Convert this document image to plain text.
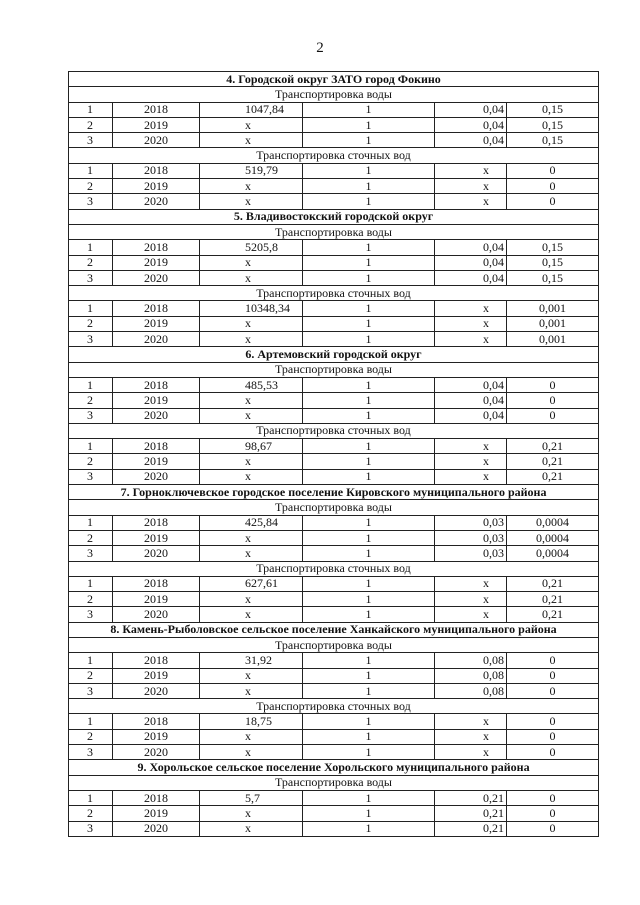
2
4. Городской округ ЗАТО город Фокино					
Транспортировка воды					
1	2018	1047,84	1	0,04	0,15
2	2019	x	1	0,04	0,15
3	2020	x	1	0,04	0,15
Транспортировка сточных вод					
1	2018	519,79	1	x	0
2	2019	x	1	x	0
3	2020	x	1	x	0
5. Владивостокский городской округ					
Транспортировка воды					
1	2018	5205,8	1	0,04	0,15
2	2019	x	1	0,04	0,15
3	2020	x	1	0,04	0,15
Транспортировка сточных вод					
1	2018	10348,34	1	x	0,001
2	2019	x	1	x	0,001
3	2020	x	1	x	0,001
6. Артемовский городской округ					
Транспортировка воды					
1	2018	485,53	1	0,04	0
2	2019	x	1	0,04	0
3	2020	x	1	0,04	0
Транспортировка сточных вод					
1	2018	98,67	1	x	0,21
2	2019	x	1	x	0,21
3	2020	x	1	x	0,21
7. Горноключевское городское поселение Кировского муниципального района					
Транспортировка воды					
1	2018	425,84	1	0,03	0,0004
2	2019	x	1	0,03	0,0004
3	2020	x	1	0,03	0,0004
Транспортировка сточных вод					
1	2018	627,61	1	x	0,21
2	2019	x	1	x	0,21
3	2020	x	1	x	0,21
8. Камень-Рыболовское сельское поселение Ханкайского муниципального района					
Транспортировка воды					
1	2018	31,92	1	0,08	0
2	2019	x	1	0,08	0
3	2020	x	1	0,08	0
Транспортировка сточных вод					
1	2018	18,75	1	x	0
2	2019	x	1	x	0
3	2020	x	1	x	0
9. Хорольское сельское поселение Хорольского муниципального района					
Транспортировка воды					
1	2018	5,7	1	0,21	0
2	2019	x	1	0,21	0
3	2020	x	1	0,21	0
